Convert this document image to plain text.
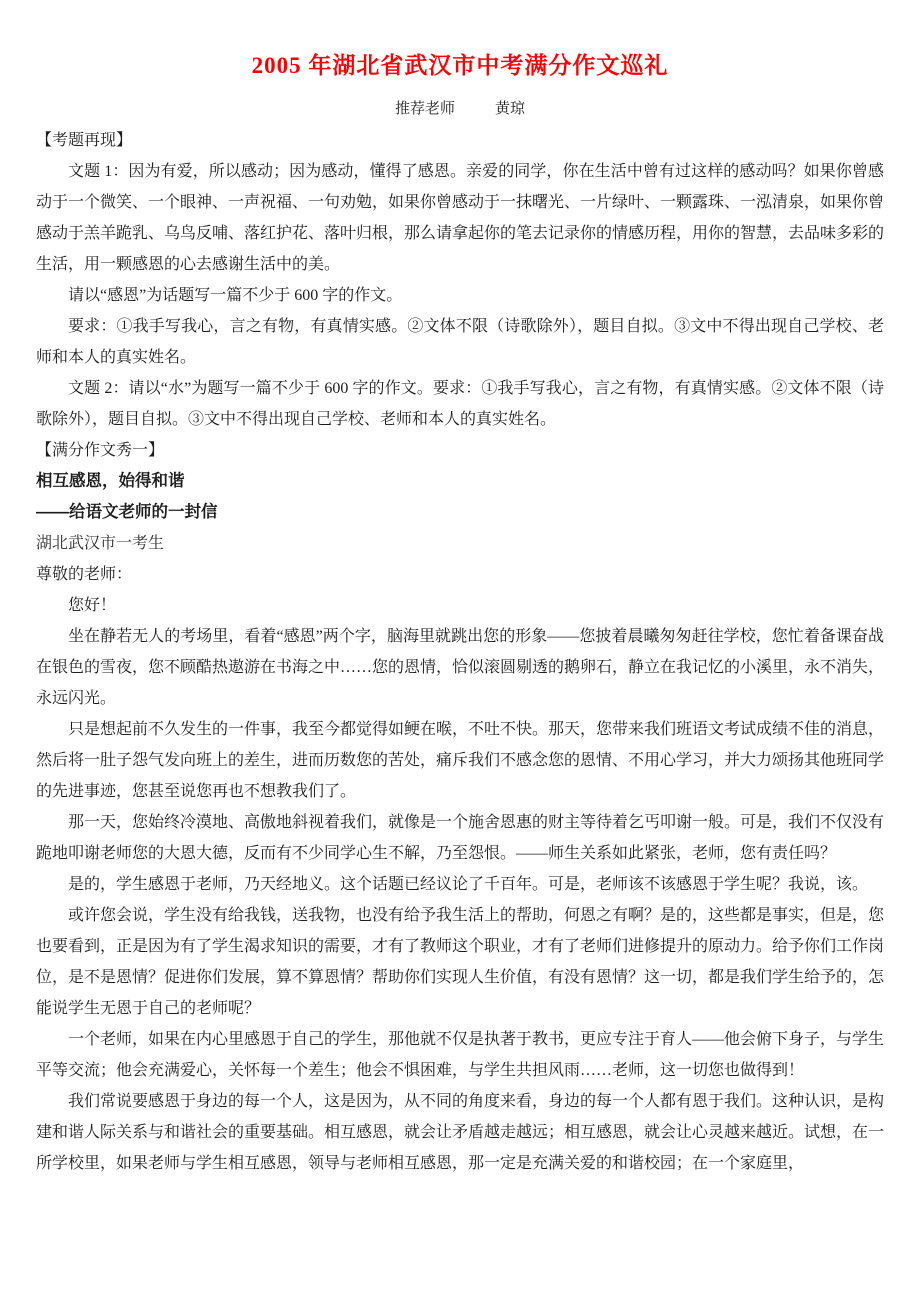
2005 年湖北省武汉市中考满分作文巡礼
推荐老师	黄琼

【考题再现】

文题 1：因为有爱，所以感动；因为感动，懂得了感恩。亲爱的同学，你在生活中曾有过这样的感动吗？如果你曾感动于一个微笑、一个眼神、一声祝福、一句劝勉，如果你曾感动于一抹曙光、一片绿叶、一颗露珠、一泓清泉，如果你曾感动于羔羊跪乳、乌鸟反哺、落红护花、落叶归根，那么请拿起你的笔去记录你的情感历程，用你的智慧，去品味多彩的生活，用一颗感恩的心去感谢生活中的美。

请以“感恩”为话题写一篇不少于 600 字的作文。

要求：①我手写我心，言之有物，有真情实感。②文体不限（诗歌除外），题目自拟。③文中不得出现自己学校、老师和本人的真实姓名。

文题 2：请以“水”为题写一篇不少于 600 字的作文。要求：①我手写我心，言之有物，有真情实感。②文体不限（诗歌除外），题目自拟。③文中不得出现自己学校、老师和本人的真实姓名。

【满分作文秀一】

相互感恩，始得和谐

——给语文老师的一封信

湖北武汉市一考生

尊敬的老师：

您好！

坐在静若无人的考场里，看着“感恩”两个字，脑海里就跳出您的形象——您披着晨曦匆匆赶往学校，您忙着备课奋战在银色的雪夜，您不顾酷热遨游在书海之中……您的恩情，恰似滚圆剔透的鹅卵石，静立在我记忆的小溪里，永不消失，永远闪光。

只是想起前不久发生的一件事，我至今都觉得如鲠在喉，不吐不快。那天，您带来我们班语文考试成绩不佳的消息，然后将一肚子怨气发向班上的差生，进而历数您的苦处，痛斥我们不感念您的恩情、不用心学习，并大力颂扬其他班同学的先进事迹，您甚至说您再也不想教我们了。

那一天，您始终冷漠地、高傲地斜视着我们，就像是一个施舍恩惠的财主等待着乞丐叩谢一般。可是，我们不仅没有跪地叩谢老师您的大恩大德，反而有不少同学心生不解，乃至怨恨。——师生关系如此紧张，老师，您有责任吗？

是的，学生感恩于老师，乃天经地义。这个话题已经议论了千百年。可是，老师该不该感恩于学生呢？我说，该。

或许您会说，学生没有给我钱，送我物，也没有给予我生活上的帮助，何恩之有啊？是的，这些都是事实，但是，您也要看到，正是因为有了学生渴求知识的需要，才有了教师这个职业，才有了老师们进修提升的原动力。给予你们工作岗位，是不是恩情？促进你们发展，算不算恩情？帮助你们实现人生价值，有没有恩情？这一切，都是我们学生给予的，怎能说学生无恩于自己的老师呢？

一个老师，如果在内心里感恩于自己的学生，那他就不仅是执著于教书，更应专注于育人——他会俯下身子，与学生平等交流；他会充满爱心，关怀每一个差生；他会不惧困难，与学生共担风雨……老师，这一切您也做得到！

我们常说要感恩于身边的每一个人，这是因为，从不同的角度来看，身边的每一个人都有恩于我们。这种认识，是构建和谐人际关系与和谐社会的重要基础。相互感恩，就会让矛盾越走越远；相互感恩，就会让心灵越来越近。试想，在一所学校里，如果老师与学生相互感恩，领导与老师相互感恩，那一定是充满关爱的和谐校园；在一个家庭里，
